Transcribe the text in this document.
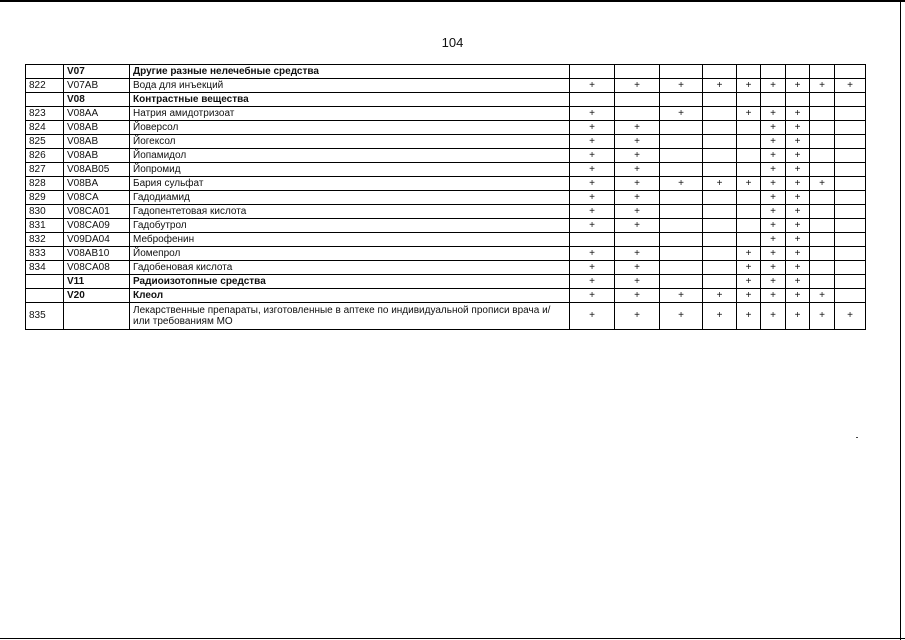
104
	V07	Другие разные нелечебные средства									
822	V07AB	Вода для инъекций	+	+	+	+	+	+	+	+	+
	V08	Контрастные вещества									
823	V08AA	Натрия амидотризоат	+		+		+	+	+		
824	V08AB	Йоверсол	+	+				+	+		
825	V08AB	Йогексол	+	+				+	+		
826	V08AB	Йопамидол	+	+				+	+		
827	V08AB05	Йопромид	+	+				+	+		
828	V08BA	Бария сульфат	+	+	+	+	+	+	+	+	
829	V08CA	Гадодиамид	+	+				+	+		
830	V08CA01	Гадопентетовая кислота	+	+				+	+		
831	V08CA09	Гадобутрол	+	+				+	+		
832	V09DA04	Меброфенин						+	+		
833	V08AB10	Йомепрол	+	+			+	+	+		
834	V08CA08	Гадобеновая кислота	+	+			+	+	+		
	V11	Радиоизотопные средства	+	+			+	+	+		
	V20	Клеол	+	+	+	+	+	+	+	+	
835		Лекарственные препараты, изготовленные в аптеке по индивидуальной прописи врача и/или требованиям МО	+	+	+	+	+	+	+	+	+
